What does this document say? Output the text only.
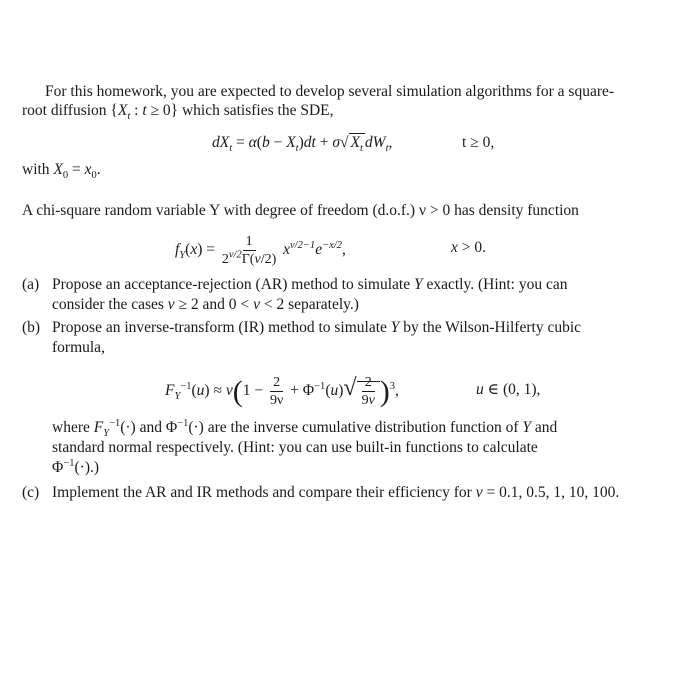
For this homework, you are expected to develop several simulation algorithms for a square-
root diffusion {$X_t$ : t ≥ 0} which satisfies the SDE,
$dX_t = \alpha(b - X_t)dt + \sigma√$ $X_t$ $dW_t$,	t ≥ 0,
with $X_0 = x_0$.
A chi-square random variable Y with degree of freedom (d.o.f.) ν > 0 has density function
$f_Y(x) = \frac{1}{2^{\nu/2}\Gamma(\nu/2)} x^{\nu/2-1}e^{-x/2}$,	x > 0.
(a) Propose an acceptance-rejection (AR) method to simulate Y exactly. (Hint: you can
consider the cases ν ≥ 2 and 0 < ν < 2 separately.)
(b) Propose an inverse-transform (IR) method to simulate Y by the Wilson-Hilferty cubic
formula,
$F_Y^{-1}(u) \approx \nu(1 - \frac{2}{9\nu} + \Phi^{-1}(u)√ \frac{2}{9\nu} )^3$,	u ∈ (0, 1),
where $F_Y^{-1}(\cdot)$ and $\Phi^{-1}(\cdot)$ are the inverse cumulative distribution function of Y and
standard normal respectively. (Hint: you can use built-in functions to calculate
$\Phi^{-1}(\cdot)$.)
(c) Implement the AR and IR methods and compare their efficiency for ν = 0.1, 0.5, 1, 10, 100.
